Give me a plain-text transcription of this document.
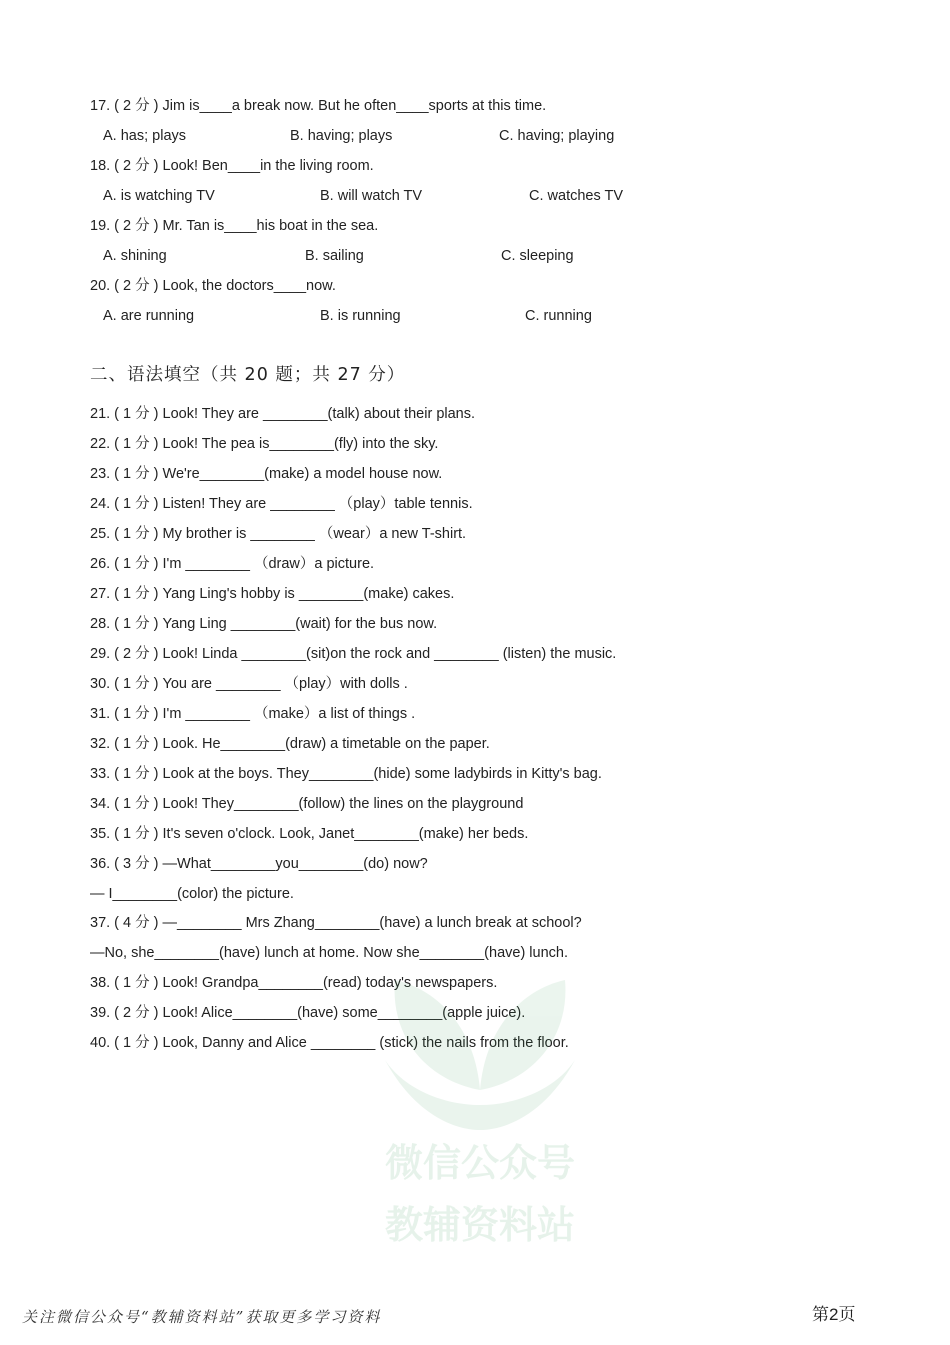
17. ( 2 分 ) Jim is____a break now. But he often____sports at this time.
A. has; plays	B. having; plays	C. having; playing
18. ( 2 分 ) Look! Ben____in the living room.
A. is watching TV	B. will watch TV	C. watches TV
19. ( 2 分 ) Mr. Tan is____his boat in the sea.
A. shining	B. sailing	C. sleeping
20. ( 2 分 ) Look, the doctors____now.
A. are running	B. is running	C. running
二、语法填空（共 20 题；共 27 分）
21. ( 1 分 ) Look! They are ________(talk) about their plans.
22. ( 1 分 ) Look! The pea is________(fly) into the sky.
23. ( 1 分 ) We're________(make) a model house now.
24. ( 1 分 ) Listen! They are ________ （play）table tennis.
25. ( 1 分 ) My brother is ________ （wear）a new T-shirt.
26. ( 1 分 ) I'm ________ （draw）a picture.
27. ( 1 分 ) Yang Ling's hobby is ________(make) cakes.
28. ( 1 分 ) Yang Ling ________(wait) for the bus now.
29. ( 2 分 ) Look! Linda ________(sit)on the rock and ________ (listen) the music.
30. ( 1 分 ) You are ________ （play）with dolls .
31. ( 1 分 ) I'm ________ （make）a list of things .
32. ( 1 分 ) Look. He________(draw) a timetable on the paper.
33. ( 1 分 ) Look at the boys. They________(hide) some ladybirds in Kitty's bag.
34. ( 1 分 ) Look! They________(follow) the lines on the playground
35. ( 1 分 ) It's seven o'clock. Look, Janet________(make) her beds.
36. ( 3 分 ) —What________you________(do) now?
— I________(color) the picture.
37. ( 4 分 ) —________ Mrs Zhang________(have) a lunch break at school?
—No, she________(have) lunch at home. Now she________(have) lunch.
38. ( 1 分 ) Look! Grandpa________(read) today's newspapers.
39. ( 2 分 ) Look! Alice________(have) some________(apple juice).
40. ( 1 分 ) Look, Danny and Alice ________ (stick) the nails from the floor.
微信公众号
教辅资料站
关注微信公众号“教辅资料站”获取更多学习资料	第2页
